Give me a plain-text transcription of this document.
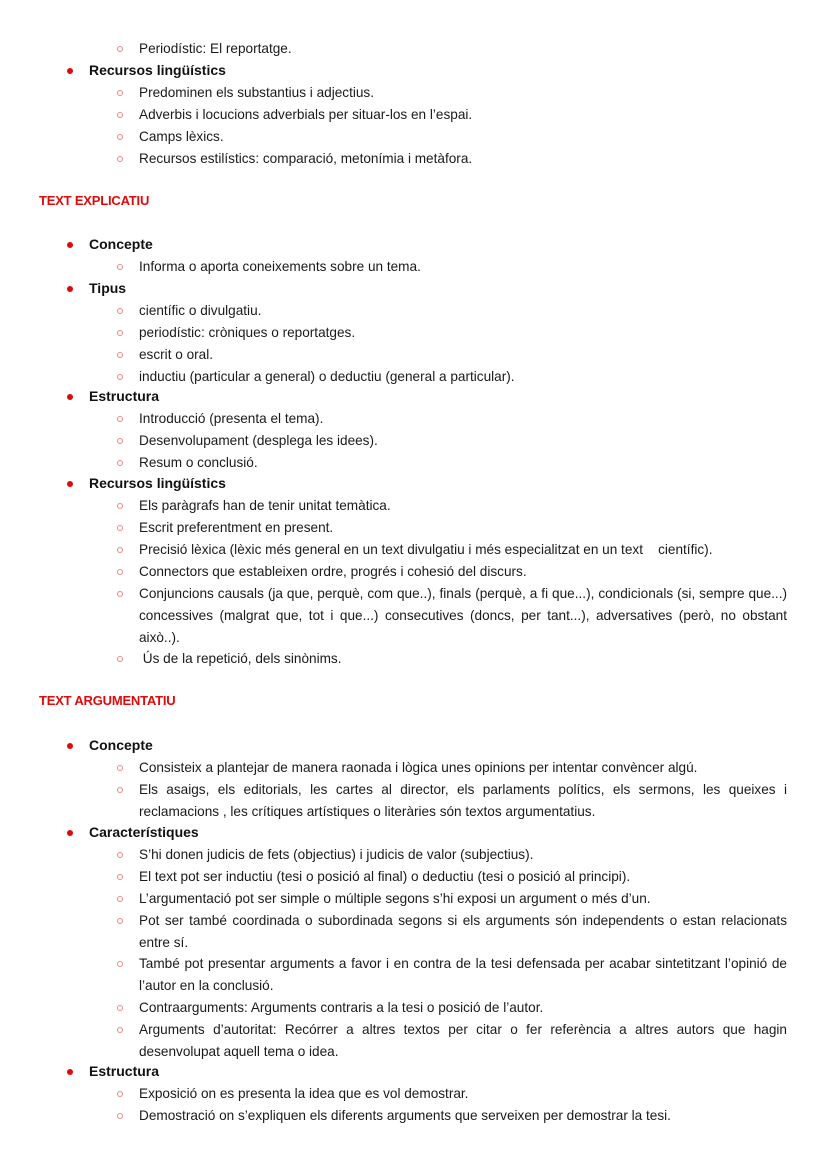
Periodístic: El reportatge.
Recursos lingüístics
Predominen els substantius i adjectius.
Adverbis i locucions adverbials per situar-los en l’espai.
Camps lèxics.
Recursos estilístics: comparació, metonímia i metàfora.
TEXT EXPLICATIU
Concepte
Informa o aporta coneixements sobre un tema.
Tipus
científic o divulgatiu.
periodístic: cròniques o reportatges.
escrit o oral.
inductiu (particular a general) o deductiu (general a particular).
Estructura
Introducció (presenta el tema).
Desenvolupament (desplega les idees).
Resum o conclusió.
Recursos lingüístics
Els paràgrafs han de tenir unitat temàtica.
Escrit preferentment en present.
Precisió lèxica (lèxic més general en un text divulgatiu i més especialitzat en un text    científic).
Connectors que estableixen ordre, progrés i cohesió del discurs.
Conjuncions causals (ja que, perquè, com que..), finals (perquè, a fi que...), condicionals (si, sempre que...) concessives (malgrat que, tot i que...) consecutives (doncs, per tant...), adversatives (però, no obstant això..).
Ús de la repetició, dels sinònims.
TEXT ARGUMENTATIU
Concepte
Consisteix a plantejar de manera raonada i lògica unes opinions per intentar convèncer algú.
Els asaigs, els editorials, les cartes al director, els parlaments polítics, els sermons, les queixes i reclamacions , les crítiques artístiques o literàries són textos argumentatius.
Característiques
S’hi donen judicis de fets (objectius) i judicis de valor (subjectius).
El text pot ser inductiu (tesi o posició al final) o deductiu (tesi o posició al principi).
L’argumentació pot ser simple o múltiple segons s’hi exposi un argument o més d’un.
Pot ser també coordinada o subordinada segons si els arguments són independents o estan relacionats entre sí.
També pot presentar arguments a favor i en contra de la tesi defensada per acabar sintetitzant l’opinió de l’autor en la conclusió.
Contraarguments: Arguments contraris a la tesi o posició de l’autor.
Arguments d’autoritat: Recórrer a altres textos per citar o fer referència a altres autors que hagin desenvolupat aquell tema o idea.
Estructura
Exposició on es presenta la idea que es vol demostrar.
Demostració on s’expliquen els diferents arguments que serveixen per demostrar la tesi.
